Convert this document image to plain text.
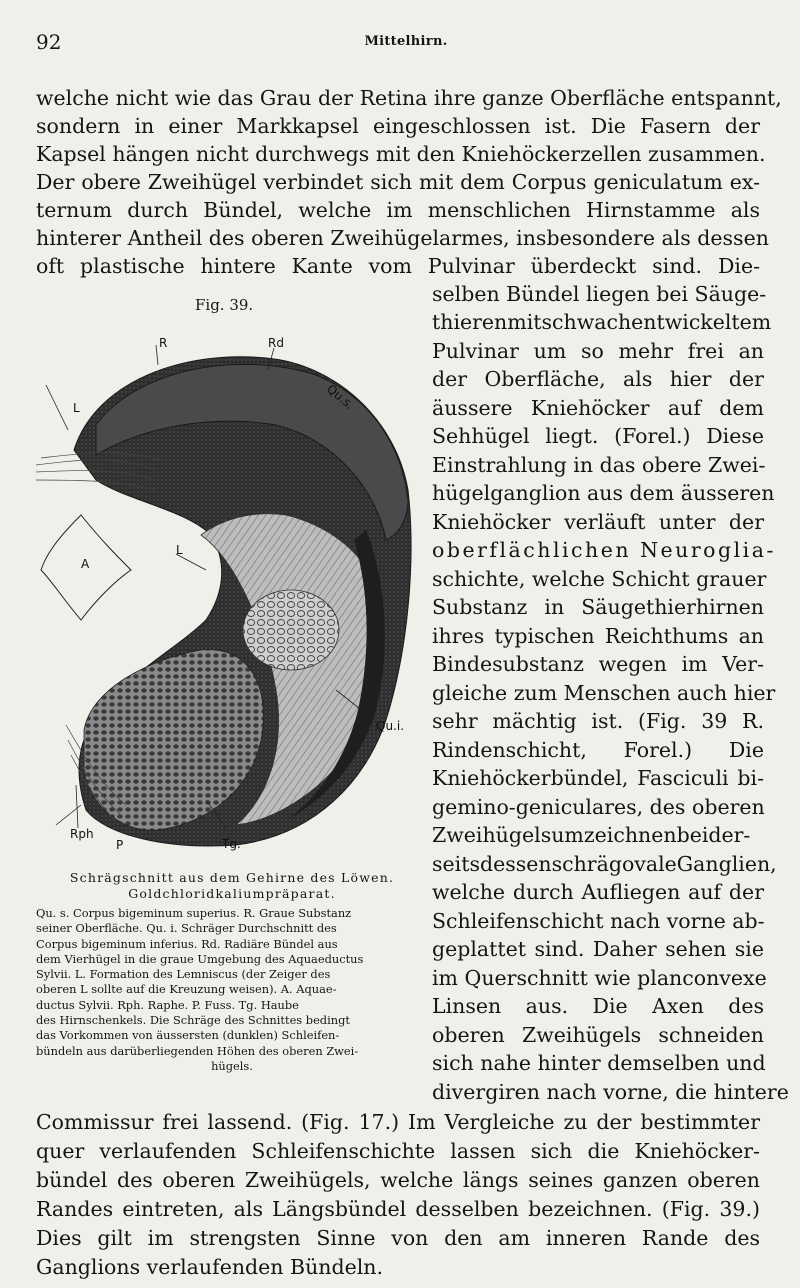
92	Mittelhirn.
welche nicht wie das Grau der Retina ihre ganze Oberfläche entspannt,
sondern in einer Markkapsel eingeschlossen ist. Die Fasern der
Kapsel hängen nicht durchwegs mit den Kniehöckerzellen zusammen.
Der obere Zweihügel verbindet sich mit dem Corpus geniculatum ex-
ternum durch Bündel, welche im menschlichen Hirnstamme als
hinterer Antheil des oberen Zweihügelarmes, insbesondere als dessen
oft plastische hintere Kante vom Pulvinar überdeckt sind. Die-
selben Bündel liegen bei Säuge-
thierenmitschwachentwickeltem
Pulvinar um so mehr frei an
der Oberfläche, als hier der
äussere Kniehöcker auf dem
Sehhügel liegt. (Forel.) Diese
Einstrahlung in das obere Zwei-
hügelganglion aus dem äusseren
Kniehöcker verläuft unter der
oberflächlichen Neuroglia-
schichte, welche Schicht grauer
Substanz in Säugethierhirnen
ihres typischen Reichthums an
Bindesubstanz wegen im Ver-
gleiche zum Menschen auch hier
sehr mächtig ist. (Fig. 39 R.
Rindenschicht, Forel.) Die
Kniehöckerbündel, Fasciculi bi-
gemino-geniculares, des oberen
Zweihügelsumzeichnenbeider-
seitsdessenschrägovaleGanglien,
welche durch Aufliegen auf der
Schleifenschicht nach vorne ab-
geplattet sind. Daher sehen sie
im Querschnitt wie planconvexe
Linsen aus. Die Axen des
oberen Zweihügels schneiden
sich nahe hinter demselben und
divergiren nach vorne, die hintere
Commissur frei lassend. (Fig. 17.) Im Vergleiche zu der bestimmter
quer verlaufenden Schleifenschichte lassen sich die Kniehöcker-
bündel des oberen Zweihügels, welche längs seines ganzen oberen
Randes eintreten, als Längsbündel desselben bezeichnen. (Fig. 39.)
Dies gilt im strengsten Sinne von den am inneren Rande des
Ganglions verlaufenden Bündeln.
Fig. 39.
R	Rd
Qu.s.
L
L
A
Qu.i.
Rph
P	Tg.
Schrägschnitt aus dem Gehirne des Löwen.
Goldchloridkaliumpräparat.

Qu. s. Corpus bigeminum superius. R. Graue Substanz

seiner Oberfläche. Qu. i. Schräger Durchschnitt des

Corpus bigeminum inferius. Rd. Radiäre Bündel aus

dem Vierhügel in die graue Umgebung des Aquaeductus

Sylvii. L. Formation des Lemniscus (der Zeiger des

oberen L sollte auf die Kreuzung weisen). A. Aquae-

ductus Sylvii. Rph. Raphe. P. Fuss. Tg. Haube

des Hirnschenkels. Die Schräge des Schnittes bedingt

das Vorkommen von äussersten (dunklen) Schleifen-

bündeln aus darüberliegenden Höhen des oberen Zwei-

hügels.
